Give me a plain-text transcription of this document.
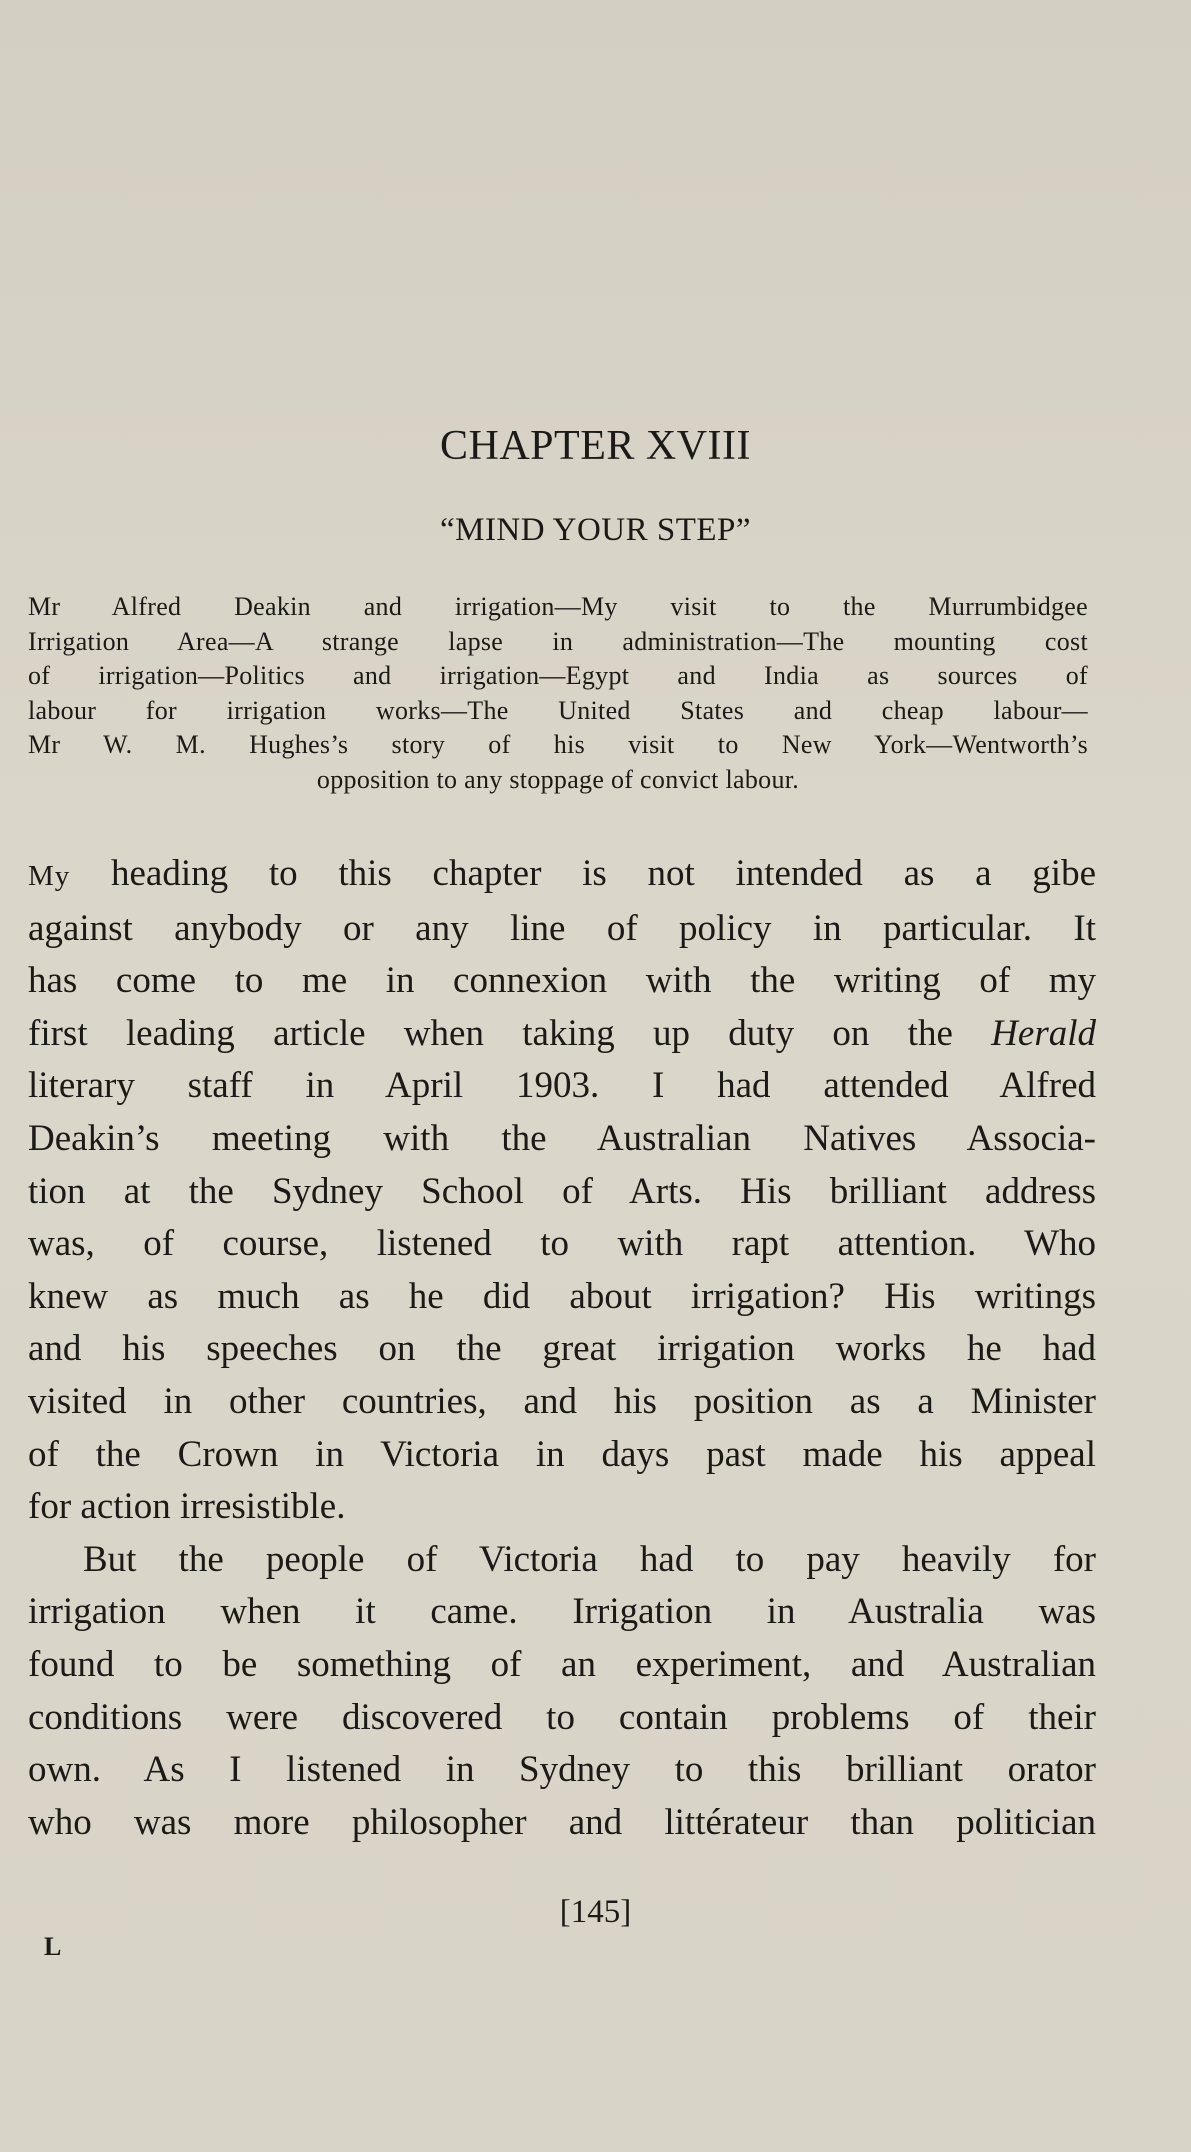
CHAPTER XVIII
“MIND YOUR STEP”
Mr Alfred Deakin and irrigation—My visit to the Murrumbidgee
Irrigation Area—A strange lapse in administration—The mounting cost
of irrigation—Politics and irrigation—Egypt and India as sources of
labour for irrigation works—The United States and cheap labour—
Mr W. M. Hughes’s story of his visit to New York—Wentworth’s
opposition to any stoppage of convict labour.
My heading to this chapter is not intended as a gibe
against anybody or any line of policy in particular. It
has come to me in connexion with the writing of my
first leading article when taking up duty on the Herald
literary staff in April 1903. I had attended Alfred
Deakin’s meeting with the Australian Natives Associa-
tion at the Sydney School of Arts. His brilliant address
was, of course, listened to with rapt attention. Who
knew as much as he did about irrigation? His writings
and his speeches on the great irrigation works he had
visited in other countries, and his position as a Minister
of the Crown in Victoria in days past made his appeal
for action irresistible.
But the people of Victoria had to pay heavily for
irrigation when it came. Irrigation in Australia was
found to be something of an experiment, and Australian
conditions were discovered to contain problems of their
own. As I listened in Sydney to this brilliant orator
who was more philosopher and littérateur than politician
[145]
L
